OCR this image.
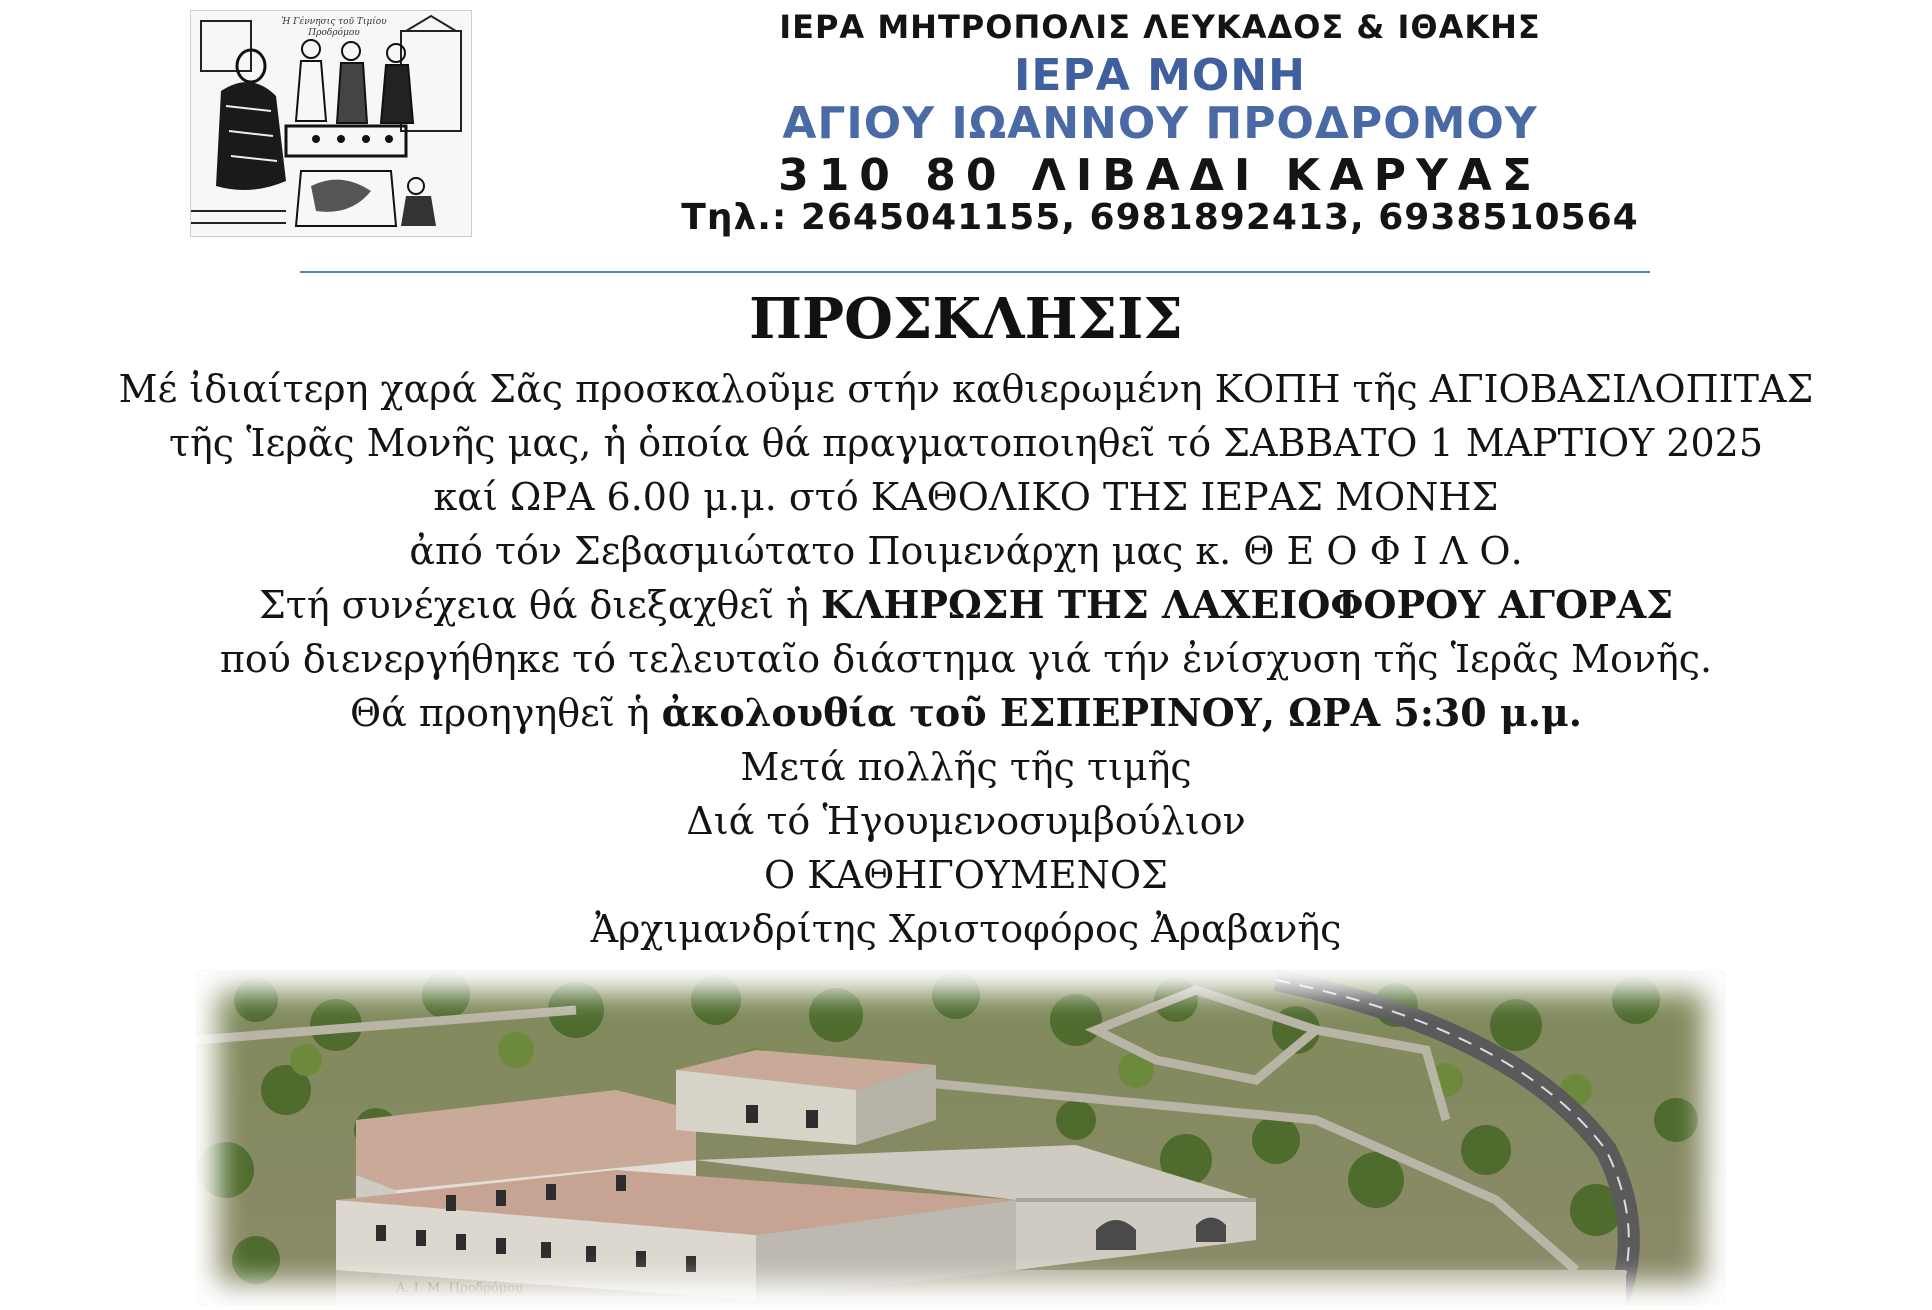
Ἡ Γέννησις τοῦ Τιμίου Προδρόμου	ΙΕΡΑ ΜΗΤΡΟΠΟΛΙΣ ΛΕΥΚΑΔΟΣ & ΙΘΑΚΗΣ
ΙΕΡΑ ΜΟΝΗ
ΑΓΙΟΥ ΙΩΑΝΝΟΥ ΠΡΟΔΡΟΜΟΥ
310 80 ΛΙΒΑΔΙ ΚΑΡΥΑΣ
Τηλ.: 2645041155, 6981892413, 6938510564
ΠΡΟΣΚΛΗΣΙΣ
Μέ ἰδιαίτερη χαρά Σᾶς προσκαλοῦμε στήν καθιερωμένη ΚΟΠΗ τῆς ΑΓΙΟΒΑΣΙΛΟΠΙΤΑΣ
τῆς Ἱερᾶς Μονῆς μας, ἡ ὁποία θά πραγματοποιηθεῖ τό ΣΑΒΒΑΤΟ 1 ΜΑΡΤΙΟΥ 2025
καί ΩΡΑ 6.00 μ.μ. στό ΚΑΘΟΛΙΚΟ ΤΗΣ ΙΕΡΑΣ ΜΟΝΗΣ
ἀπό τόν Σεβασμιώτατο Ποιμενάρχη μας κ. Θ Ε Ο Φ Ι Λ Ο.
Στή συνέχεια θά διεξαχθεῖ ἡ ΚΛΗΡΩΣΗ ΤΗΣ ΛΑΧΕΙΟΦΟΡΟΥ ΑΓΟΡΑΣ
πού διενεργήθηκε τό τελευταῖο διάστημα γιά τήν ἐνίσχυση τῆς Ἱερᾶς Μονῆς.
Θά προηγηθεῖ ἡ ἀκολουθία τοῦ ΕΣΠΕΡΙΝΟΥ, ΩΡΑ 5:30 μ.μ.
Μετά πολλῆς τῆς τιμῆς
Διά τό Ἡγουμενοσυμβούλιον
Ο ΚΑΘΗΓΟΥΜΕΝΟΣ
Ἀρχιμανδρίτης Χριστοφόρος Ἀραβανῆς
Α. Ι. Μ. Προδρόμου
